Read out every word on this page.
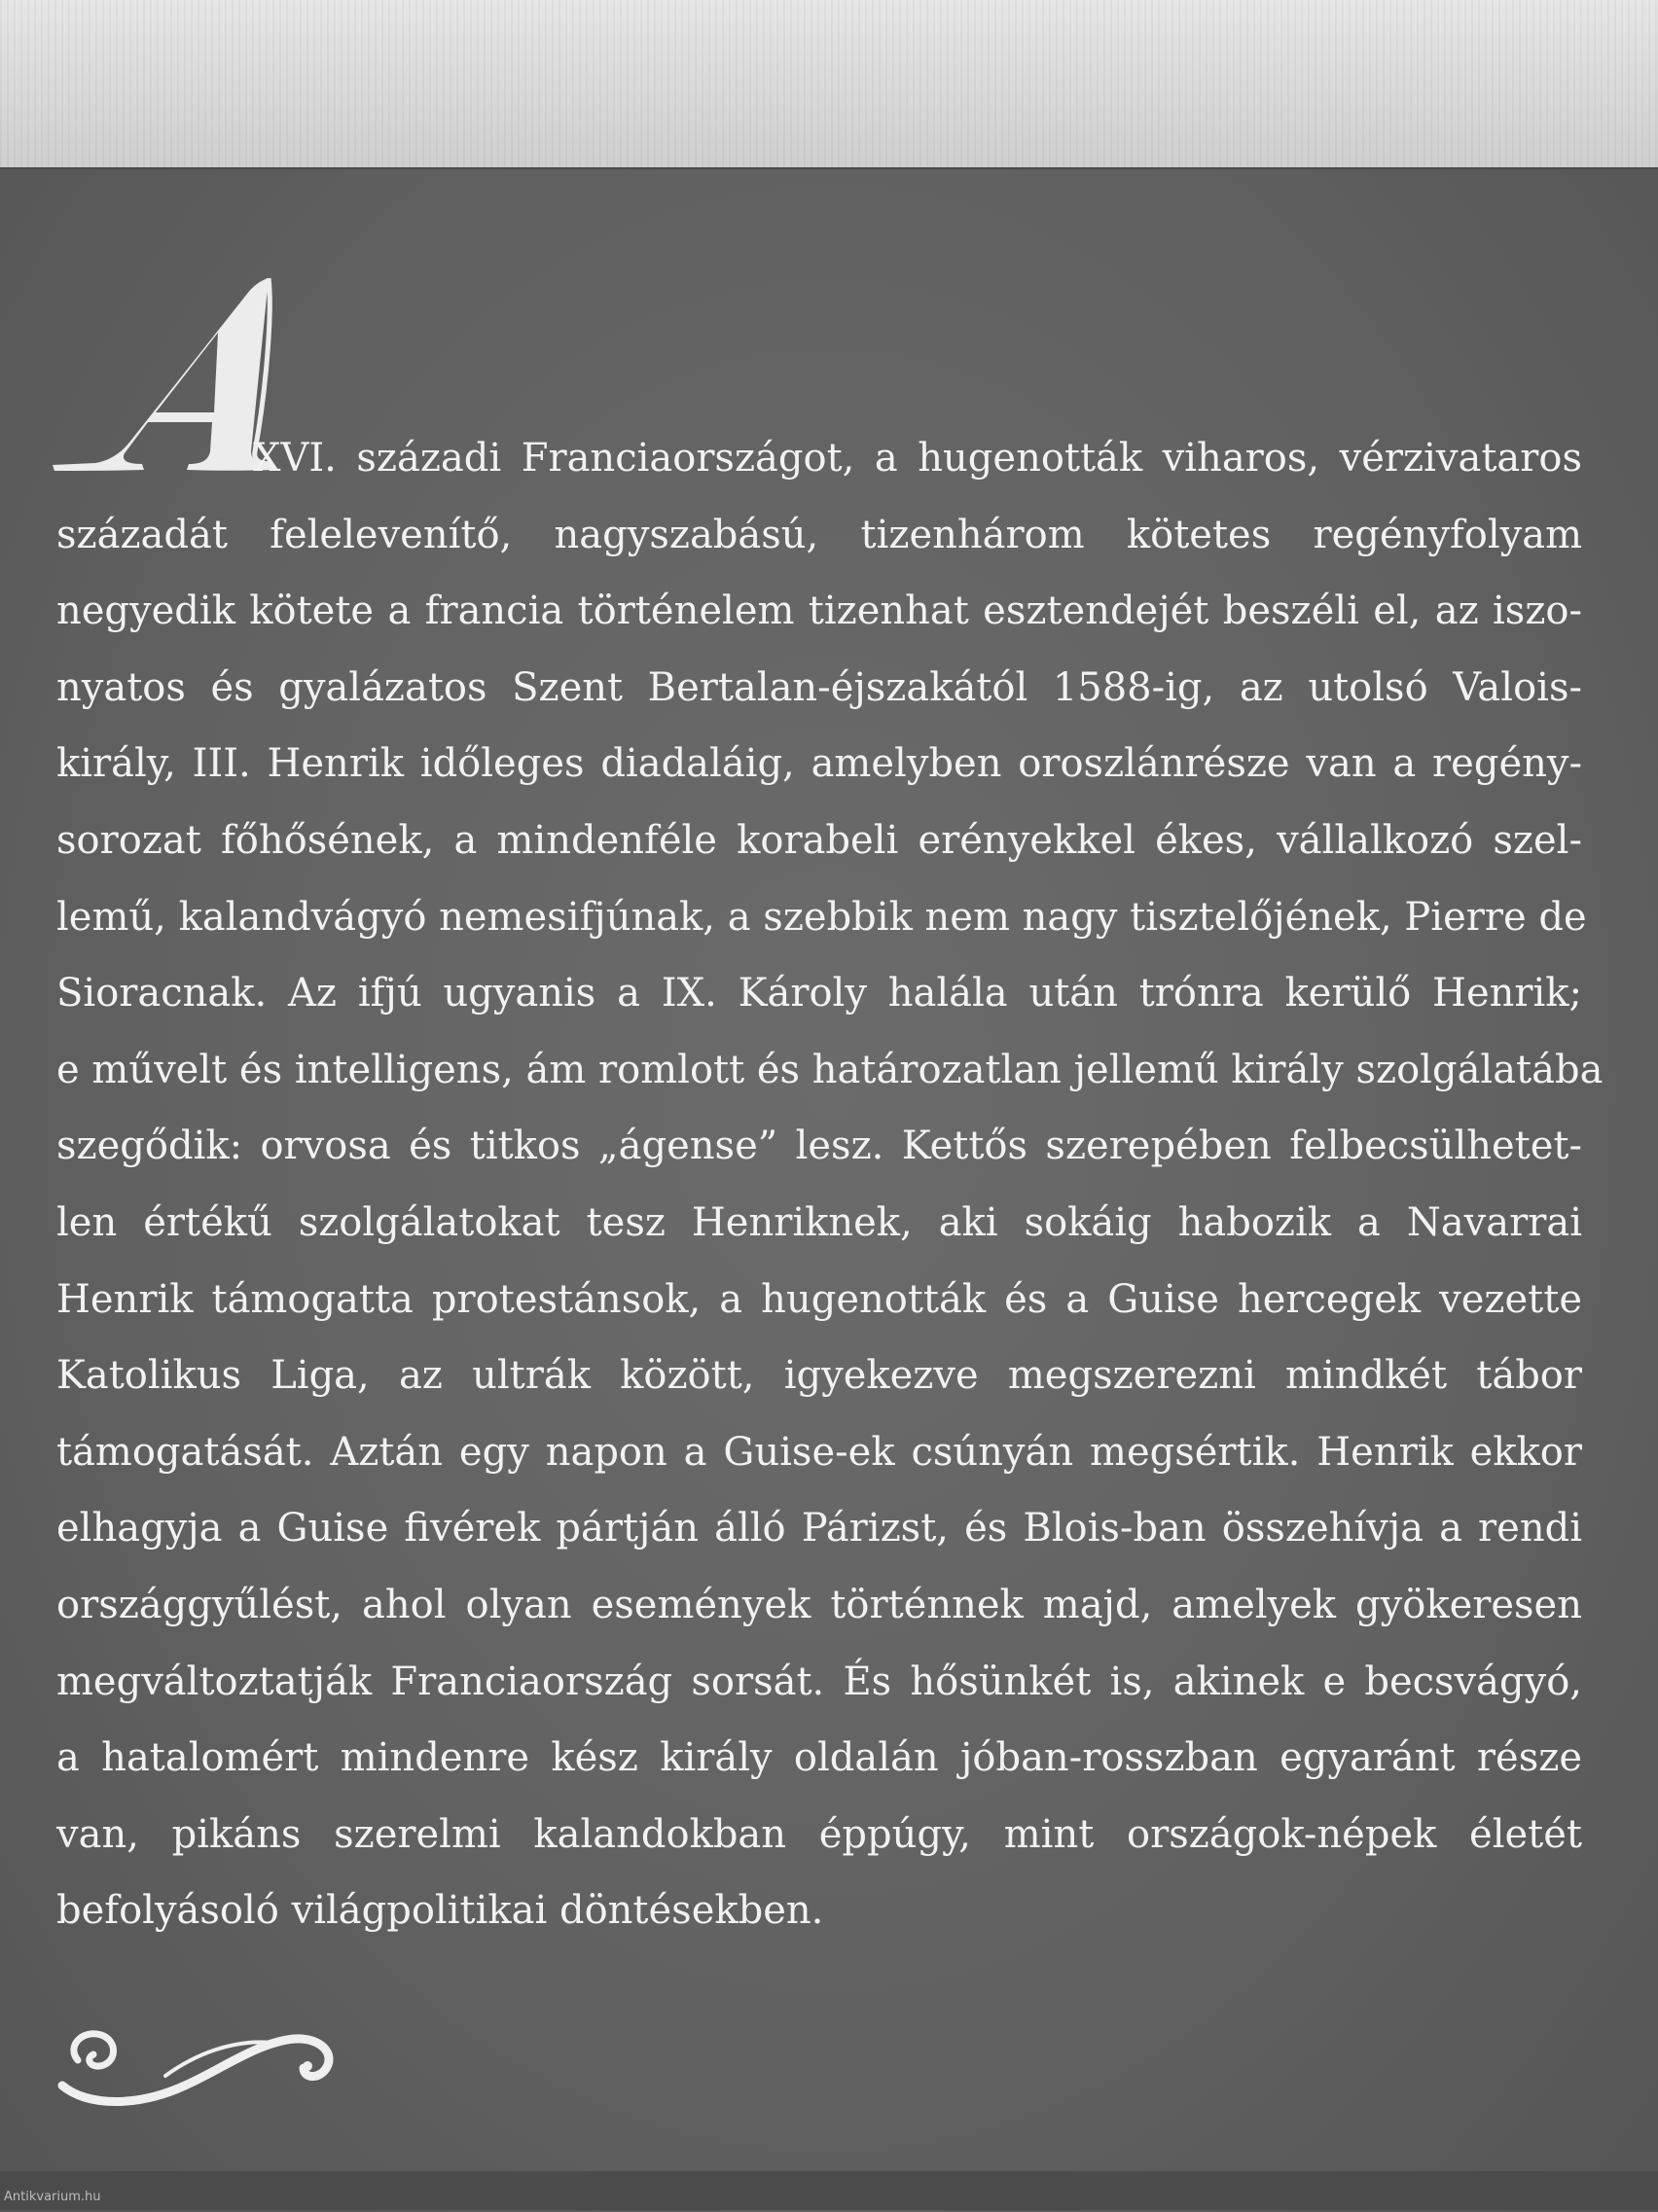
XVI. századi Franciaországot, a hugenották viharos, vérzivataros
századát felelevenítő, nagyszabású, tizenhárom kötetes regényfolyam
negyedik kötete a francia történelem tizenhat esztendejét beszéli el, az iszo-
nyatos és gyalázatos Szent Bertalan-éjszakától 1588-ig, az utolsó Valois-
király, III. Henrik időleges diadaláig, amelyben oroszlánrésze van a regény-
sorozat főhősének, a mindenféle korabeli erényekkel ékes, vállalkozó szel-
lemű, kalandvágyó nemesifjúnak, a szebbik nem nagy tisztelőjének, Pierre de
Sioracnak. Az ifjú ugyanis a IX. Károly halála után trónra kerülő Henrik;
e művelt és intelligens, ám romlott és határozatlan jellemű király szolgálatába
szegődik: orvosa és titkos „ágense” lesz. Kettős szerepében felbecsülhetet-
len értékű szolgálatokat tesz Henriknek, aki sokáig habozik a Navarrai
Henrik támogatta protestánsok, a hugenották és a Guise hercegek vezette
Katolikus Liga, az ultrák között, igyekezve megszerezni mindkét tábor
támogatását. Aztán egy napon a Guise-ek csúnyán megsértik. Henrik ekkor
elhagyja a Guise fivérek pártján álló Párizst, és Blois-ban összehívja a rendi
országgyűlést, ahol olyan események történnek majd, amelyek gyökeresen
megváltoztatják Franciaország sorsát. És hősünkét is, akinek e becsvágyó,
a hatalomért mindenre kész király oldalán jóban-rosszban egyaránt része
van, pikáns szerelmi kalandokban éppúgy, mint országok-népek életét
befolyásoló világpolitikai döntésekben.
Antikvarium.hu
